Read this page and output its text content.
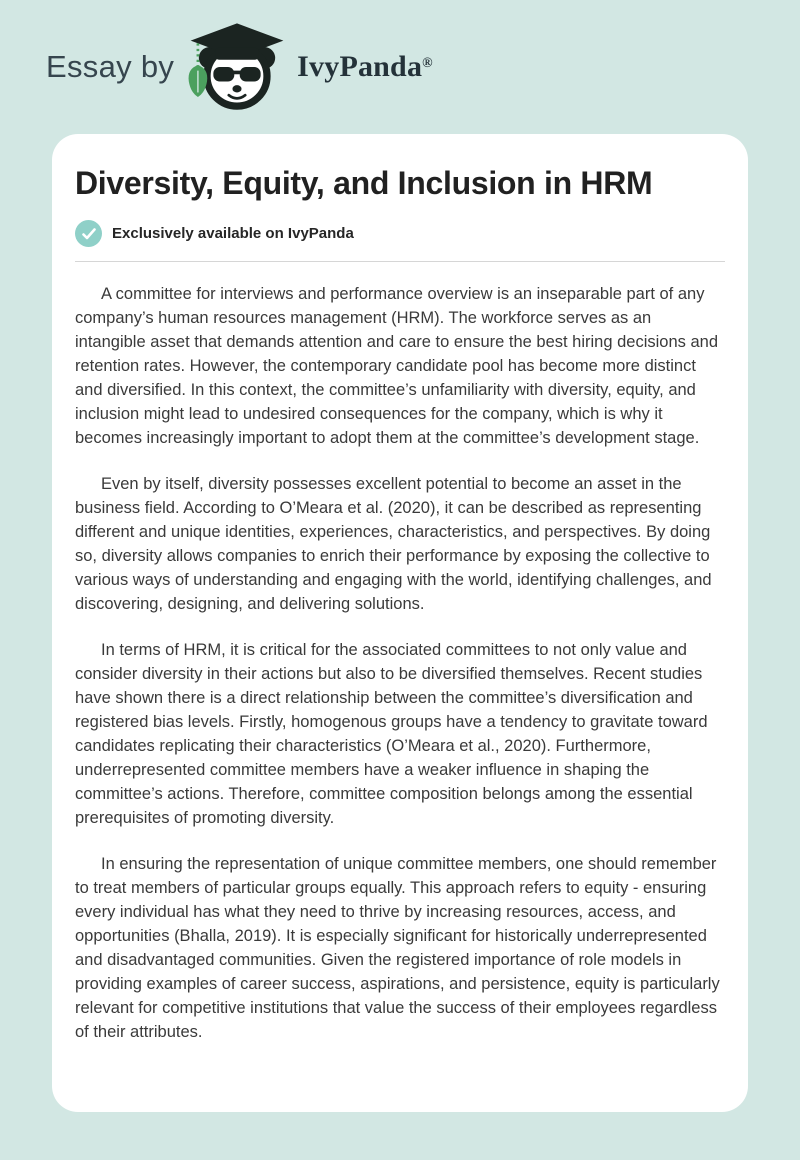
Essay by	IvyPanda®
Diversity, Equity, and Inclusion in HRM
Exclusively available on IvyPanda

A committee for interviews and performance overview is an inseparable part of any company’s human resources management (HRM). The workforce serves as an intangible asset that demands attention and care to ensure the best hiring decisions and retention rates. However, the contemporary candidate pool has become more distinct and diversified. In this context, the committee’s unfamiliarity with diversity, equity, and inclusion might lead to undesired consequences for the company, which is why it becomes increasingly important to adopt them at the committee’s development stage.

Even by itself, diversity possesses excellent potential to become an asset in the business field. According to O’Meara et al. (2020), it can be described as representing different and unique identities, experiences, characteristics, and perspectives. By doing so, diversity allows companies to enrich their performance by exposing the collective to various ways of understanding and engaging with the world, identifying challenges, and discovering, designing, and delivering solutions.

In terms of HRM, it is critical for the associated committees to not only value and consider diversity in their actions but also to be diversified themselves. Recent studies have shown there is a direct relationship between the committee’s diversification and registered bias levels. Firstly, homogenous groups have a tendency to gravitate toward candidates replicating their characteristics (O’Meara et al., 2020). Furthermore, underrepresented committee members have a weaker influence in shaping the committee’s actions. Therefore, committee composition belongs among the essential prerequisites of promoting diversity.

In ensuring the representation of unique committee members, one should remember to treat members of particular groups equally. This approach refers to equity - ensuring every individual has what they need to thrive by increasing resources, access, and opportunities (Bhalla, 2019). It is especially significant for historically underrepresented and disadvantaged communities. Given the registered importance of role models in providing examples of career success, aspirations, and persistence, equity is particularly relevant for competitive institutions that value the success of their employees regardless of their attributes.
